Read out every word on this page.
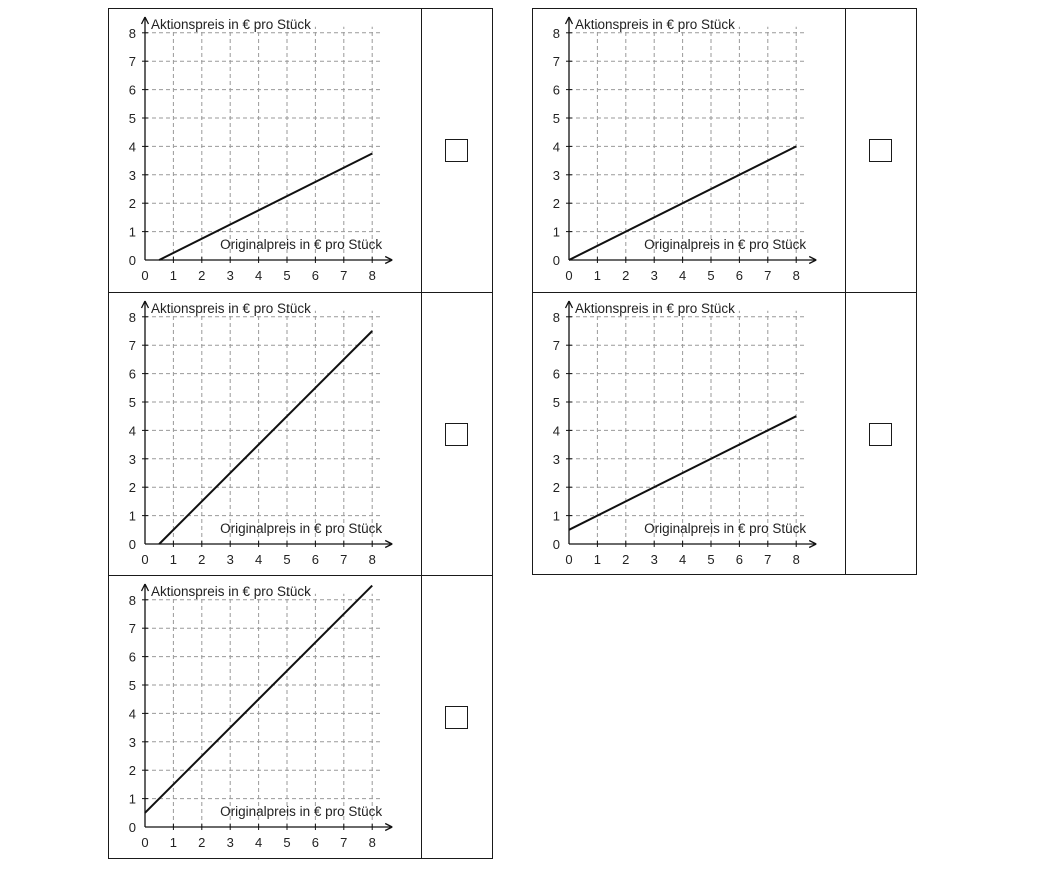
0 1 2 3 4 5 6 7 8
0
1
2
3
4
5
6
7
8
Aktionspreis in € pro Stück
Originalpreis in € pro Stück
0 1 2 3 4 5 6 7 8
0
1
2
3
4
5
6
7
8
Aktionspreis in € pro Stück
Originalpreis in € pro Stück
0 1 2 3 4 5 6 7 8
0
1
2
3
4
5
6
7
8
Aktionspreis in € pro Stück
Originalpreis in € pro Stück
0 1 2 3 4 5 6 7 8
0
1
2
3
4
5
6
7
8
Aktionspreis in € pro Stück
Originalpreis in € pro Stück
0 1 2 3 4 5 6 7 8
0
1
2
3
4
5
6
7
8
Aktionspreis in € pro Stück
Originalpreis in € pro Stück
